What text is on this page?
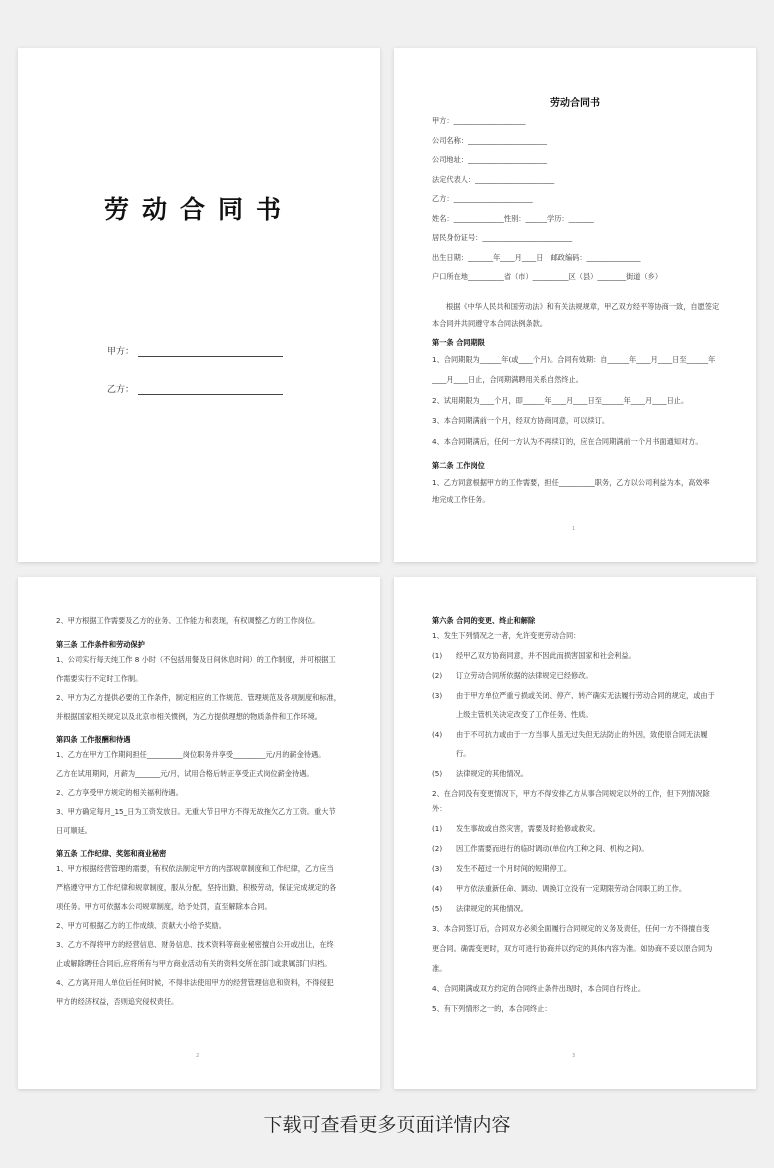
劳动合同书
甲方：
乙方：

劳动合同书

甲方：____________________

公司名称：______________________

公司地址：______________________

法定代表人：______________________

乙方：______________________

姓名：______________性别：______学历：_______

居民身份证号：_________________________

出生日期：_______年____月____日　邮政编码：_______________

户口所在地__________省（市）__________区（县）________街道（乡）

根据《中华人民共和国劳动法》和有关法规规章，甲乙双方经平等协商一致，自愿签定

本合同并共同遵守本合同法例条款。

第一条 合同期限

1、合同期限为______年(或____个月)。合同有效期：自______年____月____日至______年

____月____日止，合同期满聘用关系自然终止。

2、试用期限为____个月，即______年____月____日至______年____月____日止。

3、本合同期满前一个月，经双方协商同意，可以续订。

4、本合同期满后，任何一方认为不再续订的，应在合同期满前一个月书面通知对方。

第二条 工作岗位

1、乙方同意根据甲方的工作需要，担任__________职务，乙方以公司利益为本，高效率

地完成工作任务。

1

2、甲方根据工作需要及乙方的业务、工作能力和表现，有权调整乙方的工作岗位。

第三条 工作条件和劳动保护

1、公司实行每天纯工作 8 小时（不包括用餐及日间休息时间）的工作制度，并可根据工

作需要实行不定时工作制。

2、甲方为乙方提供必要的工作条件，制定相应的工作规范、管理规范及各项制度和标准，

并根据国家相关规定以及北京市相关惯例，为乙方提供理想的物质条件和工作环境。

第四条 工作报酬和待遇

1、乙方在甲方工作期间担任__________岗位职务并享受_________元/月的薪金待遇。

乙方在试用期间，月薪为_______元/月，试用合格后转正享受正式岗位薪金待遇。

2、乙方享受甲方规定的相关福利待遇。

3、甲方确定每月_15_日为工资发放日。无重大节日甲方不得无故拖欠乙方工资。重大节

日可顺延。

第五条 工作纪律、奖惩和商业秘密

1、甲方根据经营管理的需要，有权依法制定甲方的内部规章制度和工作纪律，乙方应当

严格遵守甲方工作纪律和规章制度，服从分配，坚持出勤，积极劳动，保证完成规定的各

项任务。甲方可依据本公司规章制度，给予处罚，直至解除本合同。

2、甲方可根据乙方的工作成绩、贡献大小给予奖励。

3、乙方不得将甲方的经营信息、财务信息、技术资料等商业秘密擅自公开或出让，在终

止或解除聘任合同后,应将所有与甲方商业活动有关的资料交所在部门或隶属部门归档。

4、乙方离开用人单位后任何时候，不得非法使用甲方的经营管理信息和资料，不得侵犯

甲方的经济权益，否则追究侵权责任。

2

第六条 合同的变更、终止和解除

1、发生下列情况之一者，允许变更劳动合同：

(1) 经甲乙双方协商同意，并不因此而损害国家和社会利益。

(2) 订立劳动合同所依据的法律规定已经修改。

(3) 由于甲方单位严重亏损或关闭、停产、转产确实无法履行劳动合同的规定，或由于

上级主管机关决定改变了工作任务、性质。

(4) 由于不可抗力或由于一方当事人虽无过失但无法防止的外因，致使原合同无法履

行。

(5) 法律规定的其他情况。

2、在合同没有变更情况下，甲方不得安排乙方从事合同规定以外的工作，但下列情况除

外：

(1) 发生事故或自然灾害，需要及时抢修或救灾。

(2) 因工作需要而进行的临时调动(单位内工种之间、机构之间)。

(3) 发生不超过一个月时间的短期停工。

(4) 甲方依法重新任命、调动、调换订立没有一定期限劳动合同职工的工作。

(5) 法律规定的其他情况。

3、本合同签订后，合同双方必须全面履行合同规定的义务及责任，任何一方不得擅自变

更合同。确需变更时，双方可进行协商并以约定的具体内容为准。如协商不妥以原合同为

准。

4、合同期满或双方约定的合同终止条件出现时，本合同自行终止。

5、有下列情形之一的，本合同终止：

3
下载可查看更多页面详情内容
